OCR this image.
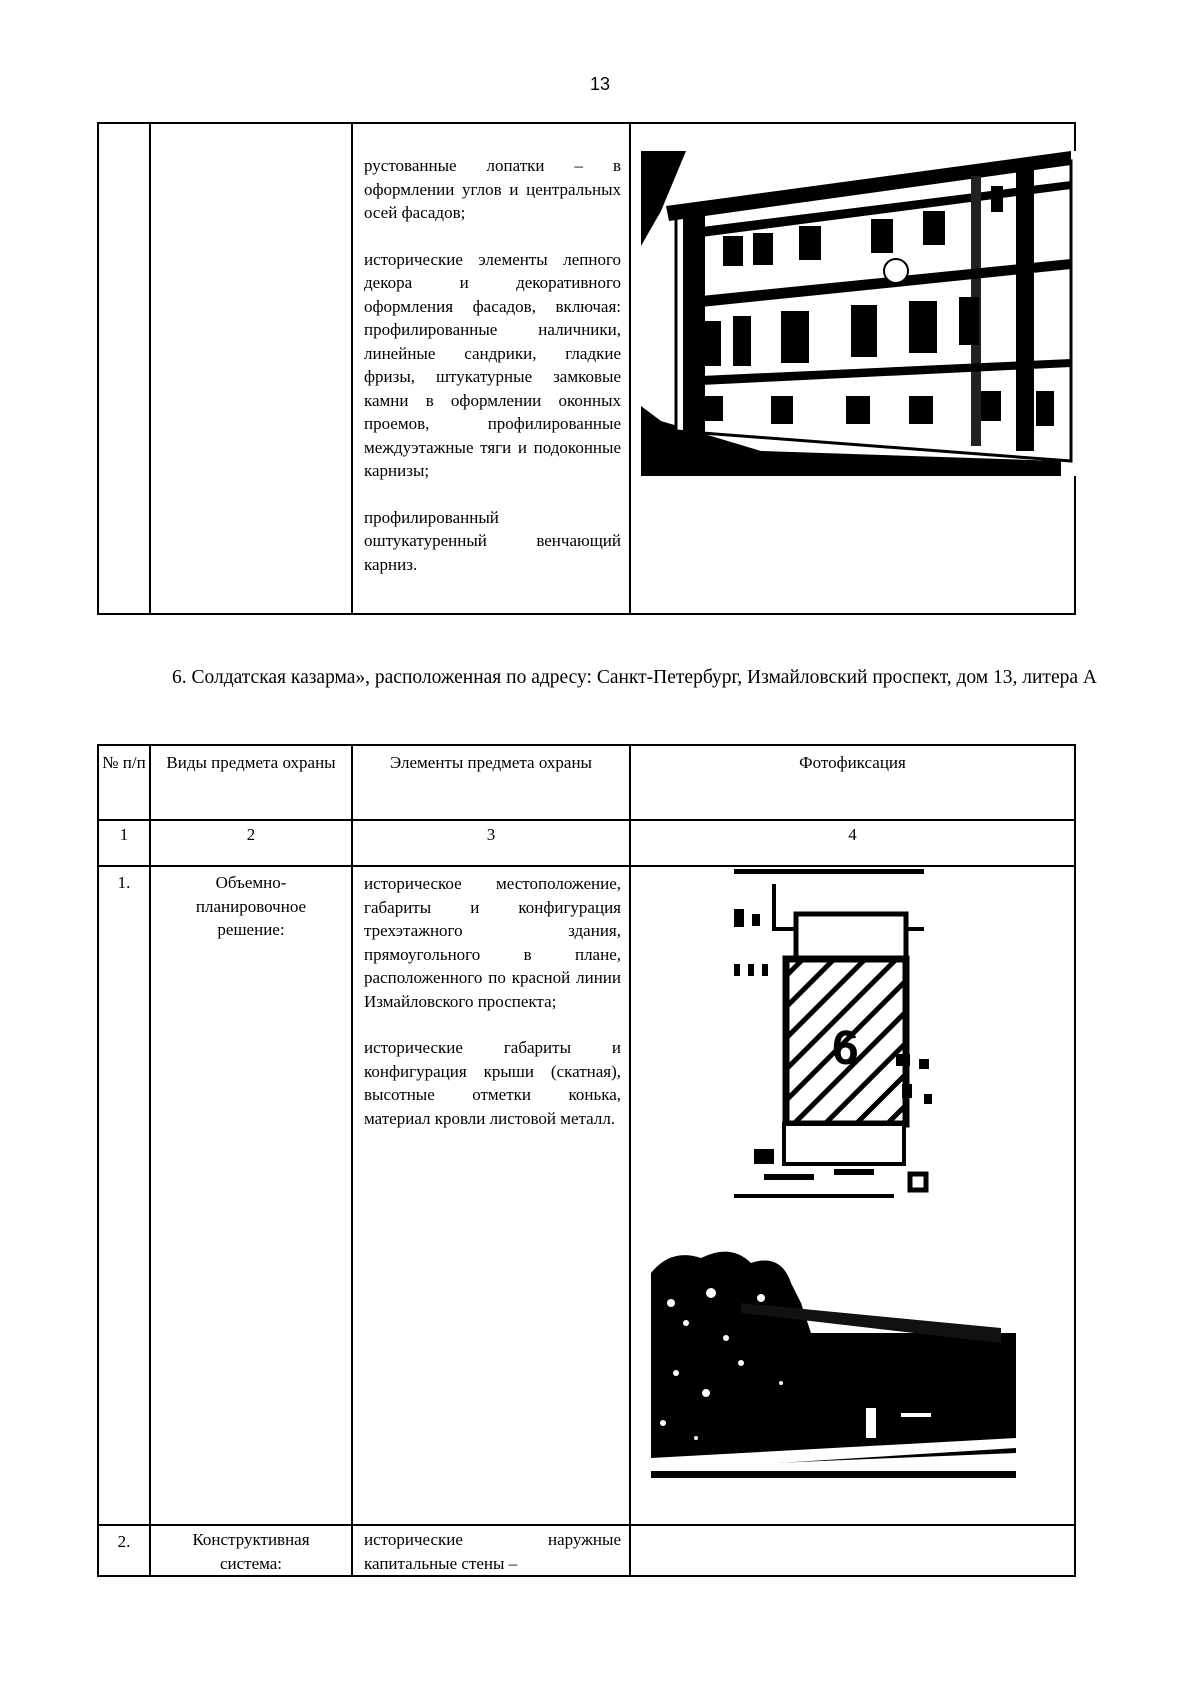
13

рустованные лопатки – в оформлении углов и центральных осей фасадов;

исторические элементы лепного декора и декоративного оформления фасадов, включая: профилированные наличники, линейные сандрики, гладкие фризы, штукатурные замковые камни в оформлении оконных проемов, профилированные междуэтажные тяги и подоконные карнизы;

профилированный оштукатуренный венчающий карниз.

6. Солдатская казарма», расположенная по адресу: Санкт-Петербург, Измайловский проспект, дом 13, литера А
№ п/п	Виды предмета охраны	Элементы предмета охраны	Фотофиксация
1	2	3	4
1.	Объемно-планировочное решение:	историческое местоположение, габариты и конфигурация трехэтажного здания, прямоугольного в плане, расположенного по красной линии Измайловского проспекта;

исторические габариты и конфигурация крыши (скатная), высотные отметки конька, материал кровли листовой металл.	6

2.	Конструктивная система:	исторические наружные капитальные стены –	
